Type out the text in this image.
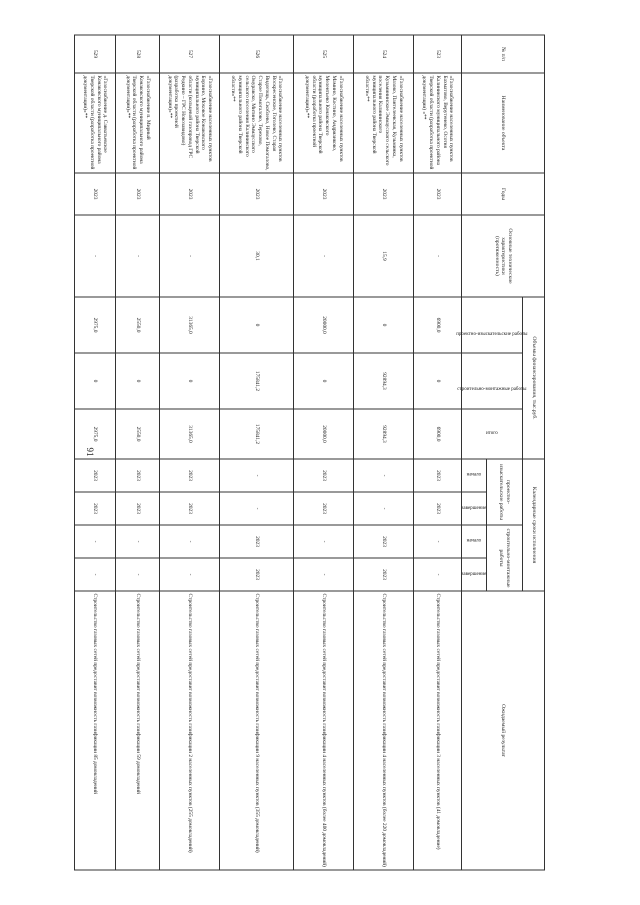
91
№ п/п	Наименование объекта	Годы	Основные технические характеристики (протяженность)	Объемы финансирования, тыс.руб.			Календарные сроки исполнения				Ожидаемый результат
				проектно-изыскательские работы	строительно-монтажные работы	итого	проектно-изыскательские работы		строительно-монтажные работы		
							начало	завершение	начало	завершение	
523	«Газоснабжение населенных пунктов Бахматово, Верутенево, Осотня Калининского муниципального района Тверской области (разработка проектной документации) »**	2023	-	6900,0	0	6900,0	2023	2023	-	-	Строительство газовых сетей предоставит возможность газификации 3 населенных пунктов (41 домовладение)
524	«Газоснабжение населенных пунктов Мазово, Пантелеевская, Кузьминка, Кузьмининское Эммаусского сельского поселения Калининского муниципального района Тверской области»**	2023	15,9	0	92894,3	92894,3	-	-	2023	2023	Строительство газовых сетей предоставит возможность газификации 4 населенных пунктов (более 220 домовладений)
525	«Газоснабжение населенных пунктов Мамино, Костино, Андрианково, Мелентьево Конаковского муниципального района Тверской области (разработка проектной документации)»**	2023	-	20000,0	0	20000,0	2023	2023	-	-	Строительство газовых сетей предоставит возможность газификации 4 населенных пунктов (более 400 домовладений)
526	«Газоснабжение населенных пунктов Воскресенское, Гоголево, Старая Видогощь, Скоблево, Новое Помогалово, Старое Помогалово, Терехово, Омуравско, Митино Эммаусского сельского поселения Калининского муниципального района Тверской области»**	2023	30,1	0	175841,2	175841,2	-	-	2023	2023	Строительство газовых сетей предоставит возможность газификации 9 населенных пунктов (355 домовладений)
527	«Газоснабжение населенных пунктов Борзино, Моховое Конаковского муниципального района Тверской области (кольцевой газопровод ГРС Редкино – ГРС Новозавидово) (разработка проектной документации)»**	2023	-	31365,0	0	31365,0	2023	2023	-	-	Строительство газовых сетей предоставит возможность газификации 2 населенных пунктов (255 домовладений)
528	«Газоснабжение п. Мирный Конаковского муниципального района Тверской области (разработка проектной документации)»**	2023	-	2550,0	0	2550,0	2023	2023	-	-	Строительство газовых сетей предоставит возможность газификации 59 домовладений
529	«Газоснабжение д. Савватьевское Конаковского муниципального района Тверской области (разработка проектной документации)»**	2023	-	2975,0	0	2975,0	2023	2023	-	-	Строительство газовых сетей предоставит возможность газификации 85 домовладений
